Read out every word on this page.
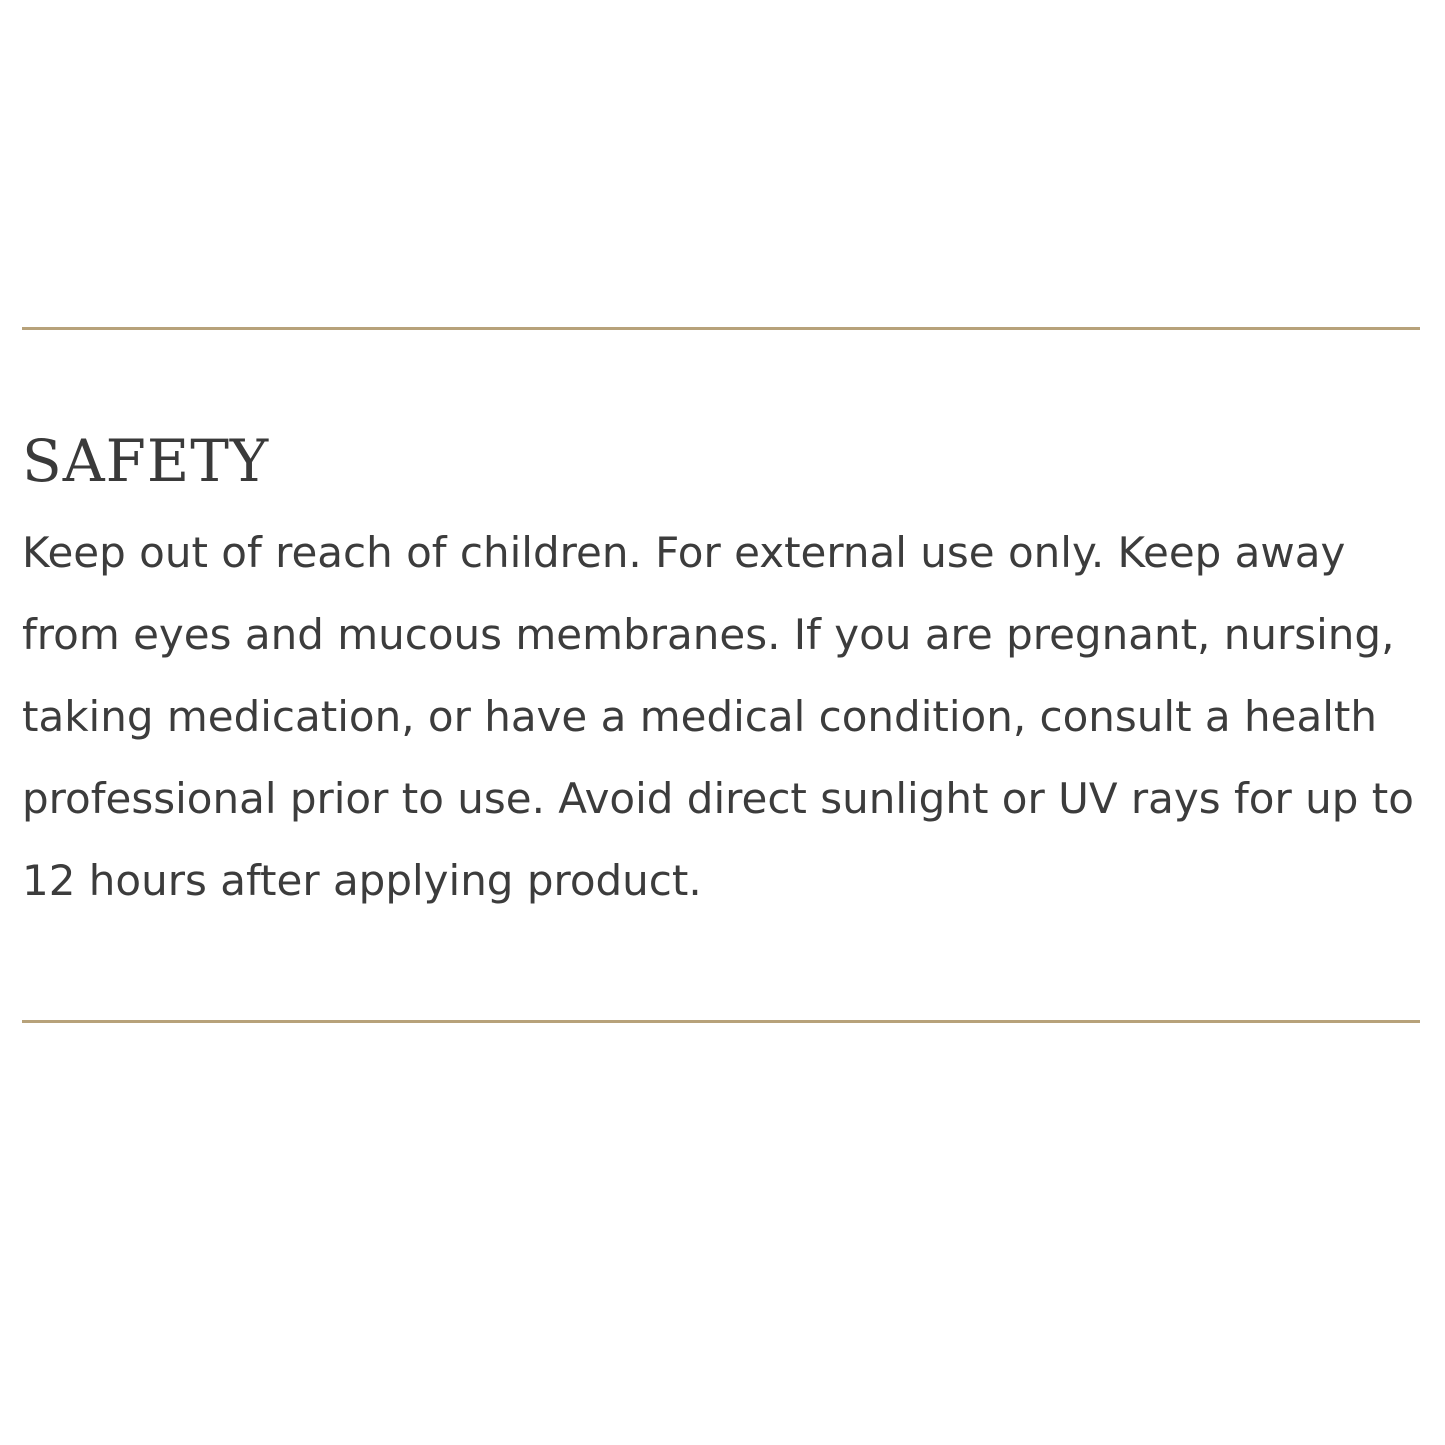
SAFETY
Keep out of reach of children. For external use only. Keep away from eyes and mucous membranes. If you are pregnant, nursing, taking medication, or have a medical condition, consult a health professional prior to use. Avoid direct sunlight or UV rays for up to 12 hours after applying product.
